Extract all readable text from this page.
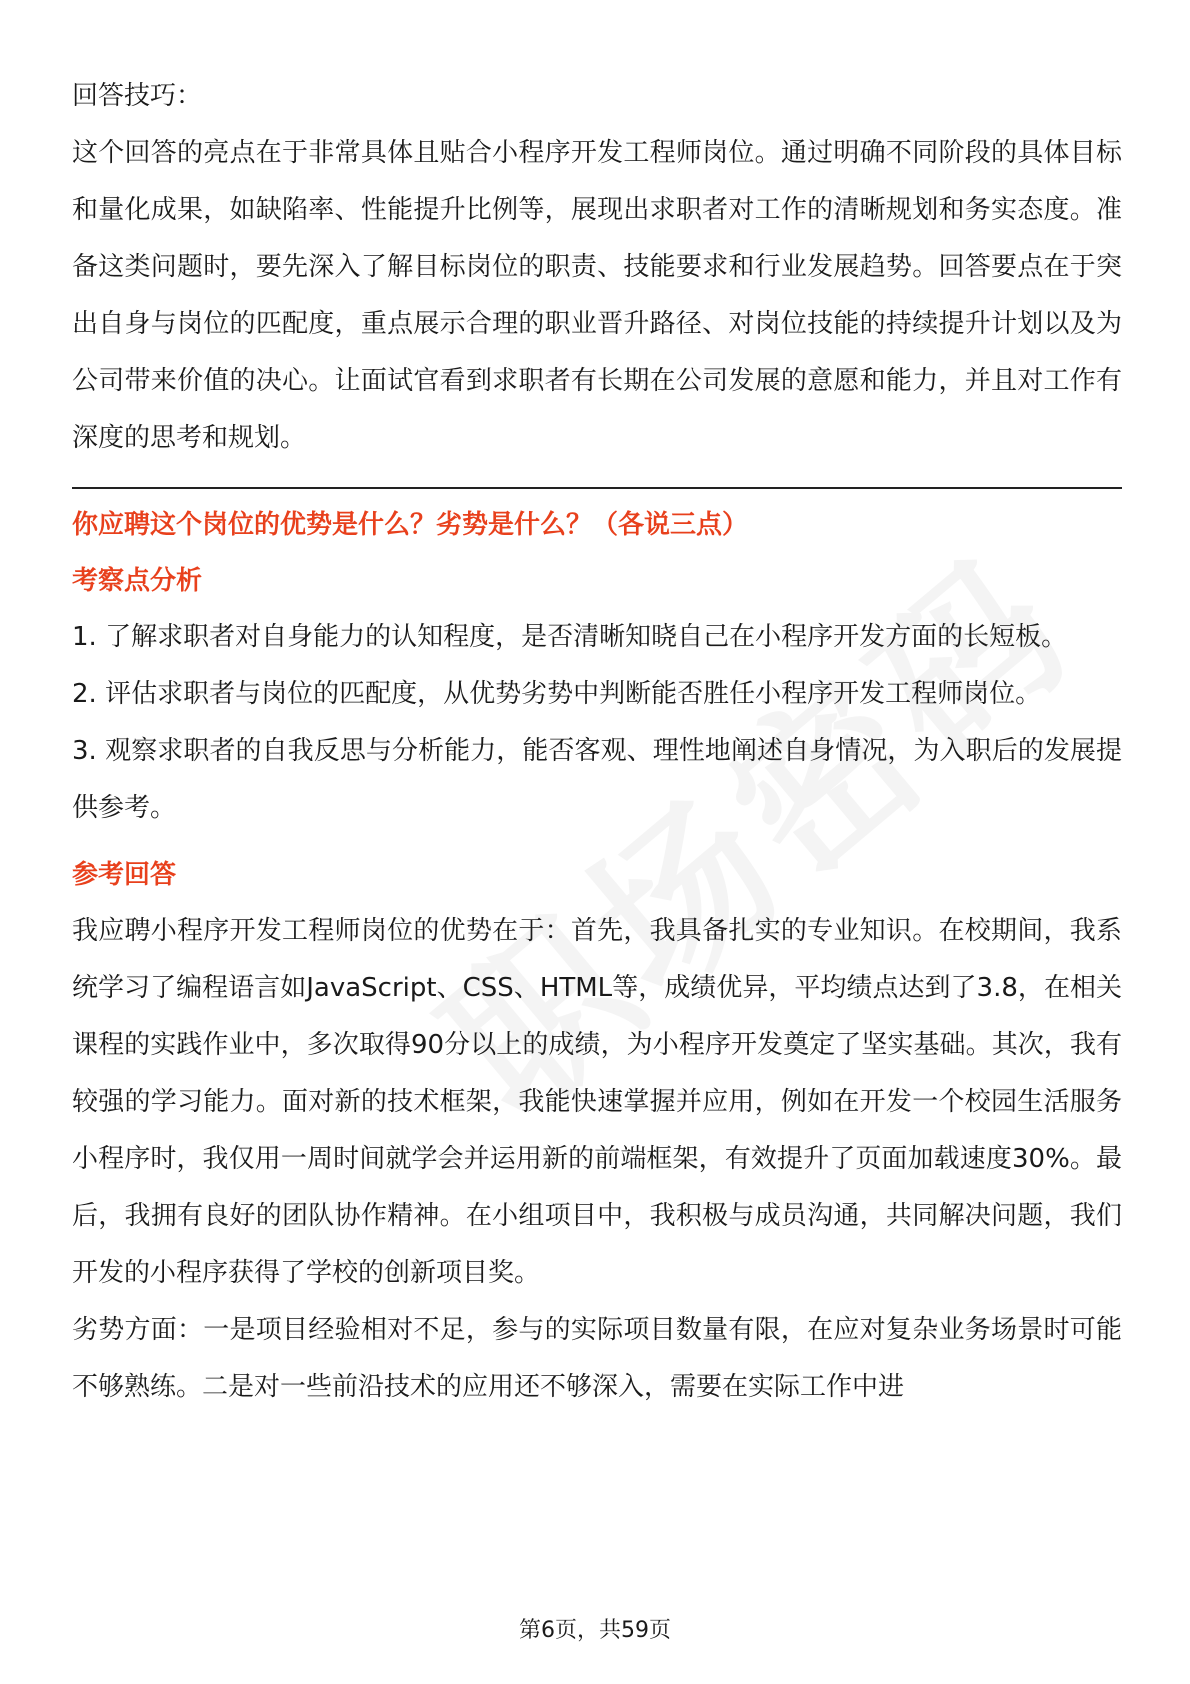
回答技巧：

这个回答的亮点在于非常具体且贴合小程序开发工程师岗位。通过明确不同阶段的具体目标和量化成果，如缺陷率、性能提升比例等，展现出求职者对工作的清晰规划和务实态度。准备这类问题时，要先深入了解目标岗位的职责、技能要求和行业发展趋势。回答要点在于突出自身与岗位的匹配度，重点展示合理的职业晋升路径、对岗位技能的持续提升计划以及为公司带来价值的决心。让面试官看到求职者有长期在公司发展的意愿和能力，并且对工作有深度的思考和规划。

你应聘这个岗位的优势是什么？劣势是什么？（各说三点）

考察点分析

1. 了解求职者对自身能力的认知程度，是否清晰知晓自己在小程序开发方面的长短板。

2. 评估求职者与岗位的匹配度，从优势劣势中判断能否胜任小程序开发工程师岗位。

3. 观察求职者的自我反思与分析能力，能否客观、理性地阐述自身情况，为入职后的发展提供参考。

参考回答

我应聘小程序开发工程师岗位的优势在于：首先，我具备扎实的专业知识。在校期间，我系统学习了编程语言如JavaScript、CSS、HTML等，成绩优异，平均绩点达到了3.8，在相关课程的实践作业中，多次取得90分以上的成绩，为小程序开发奠定了坚实基础。其次，我有较强的学习能力。面对新的技术框架，我能快速掌握并应用，例如在开发一个校园生活服务小程序时，我仅用一周时间就学会并运用新的前端框架，有效提升了页面加载速度30%。最后，我拥有良好的团队协作精神。在小组项目中，我积极与成员沟通，共同解决问题，我们开发的小程序获得了学校的创新项目奖。

劣势方面：一是项目经验相对不足，参与的实际项目数量有限，在应对复杂业务场景时可能不够熟练。二是对一些前沿技术的应用还不够深入，需要在实际工作中进

第6页，共59页
